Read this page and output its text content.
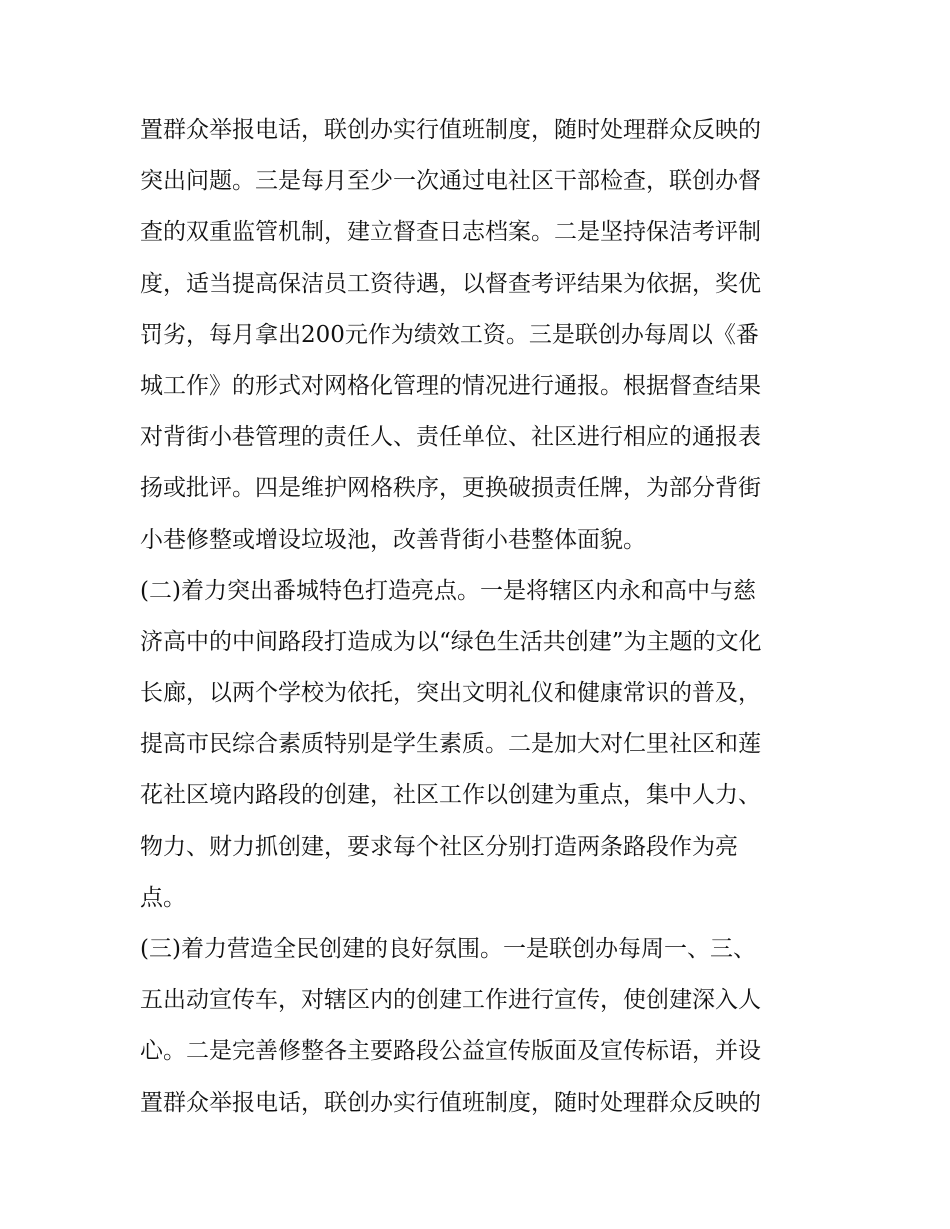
置群众举报电话，联创办实行值班制度，随时处理群众反映的
突出问题。三是每月至少一次通过电社区干部检查，联创办督
查的双重监管机制，建立督查日志档案。二是坚持保洁考评制
度，适当提高保洁员工资待遇，以督查考评结果为依据，奖优
罚劣，每月拿出200元作为绩效工资。三是联创办每周以《番
城工作》的形式对网格化管理的情况进行通报。根据督查结果
对背街小巷管理的责任人、责任单位、社区进行相应的通报表
扬或批评。四是维护网格秩序，更换破损责任牌，为部分背街
小巷修整或增设垃圾池，改善背街小巷整体面貌。
(二)着力突出番城特色打造亮点。一是将辖区内永和高中与慈
济高中的中间路段打造成为以“绿色生活共创建”为主题的文化
长廊，以两个学校为依托，突出文明礼仪和健康常识的普及，
提高市民综合素质特别是学生素质。二是加大对仁里社区和莲
花社区境内路段的创建，社区工作以创建为重点，集中人力、
物力、财力抓创建，要求每个社区分别打造两条路段作为亮
点。
(三)着力营造全民创建的良好氛围。一是联创办每周一、三、
五出动宣传车，对辖区内的创建工作进行宣传，使创建深入人
心。二是完善修整各主要路段公益宣传版面及宣传标语，并设
置群众举报电话，联创办实行值班制度，随时处理群众反映的
